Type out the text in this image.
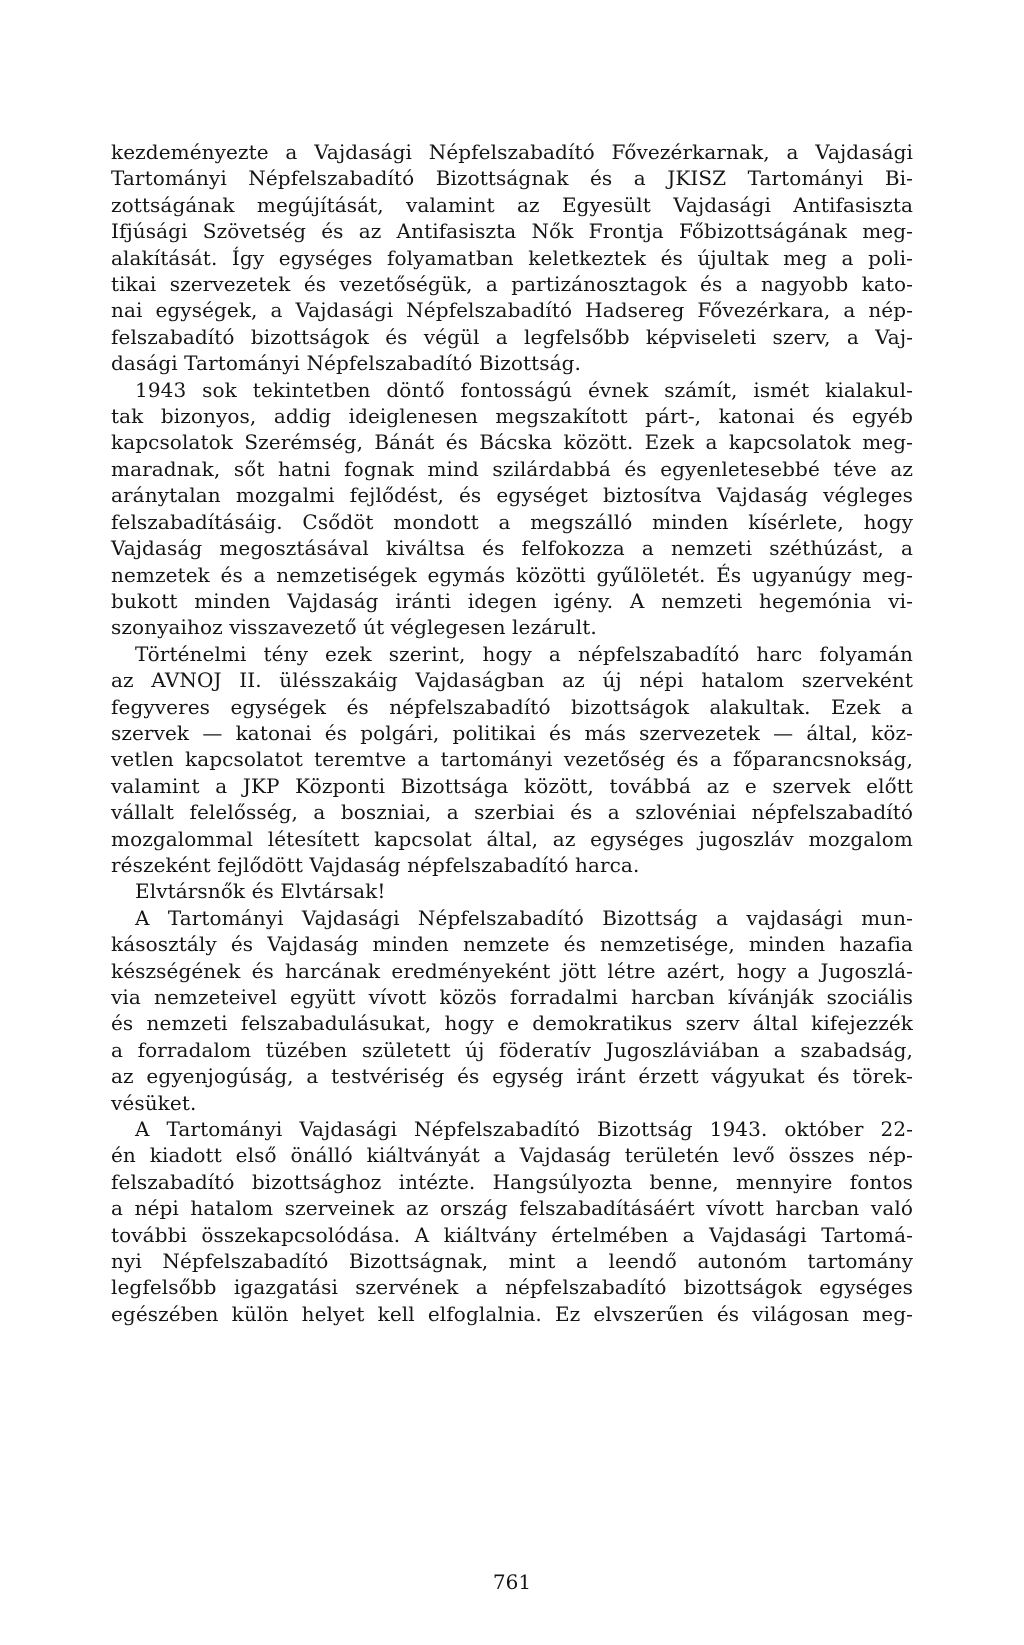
kezdeményezte a Vajdasági Népfelszabadító Fővezérkarnak, a Vajdasági
Tartományi Népfelszabadító Bizottságnak és a JKISZ Tartományi Bi-
zottságának megújítását, valamint az Egyesült Vajdasági Antifasiszta
Ifjúsági Szövetség és az Antifasiszta Nők Frontja Főbizottságának meg-
alakítását. Így egységes folyamatban keletkeztek és újultak meg a poli-
tikai szervezetek és vezetőségük, a partizánosztagok és a nagyobb kato-
nai egységek, a Vajdasági Népfelszabadító Hadsereg Fővezérkara, a nép-
felszabadító bizottságok és végül a legfelsőbb képviseleti szerv, a Vaj-
dasági Tartományi Népfelszabadító Bizottság.
1943 sok tekintetben döntő fontosságú évnek számít, ismét kialakul-
tak bizonyos, addig ideiglenesen megszakított párt-, katonai és egyéb
kapcsolatok Szerémség, Bánát és Bácska között. Ezek a kapcsolatok meg-
maradnak, sőt hatni fognak mind szilárdabbá és egyenletesebbé téve az
aránytalan mozgalmi fejlődést, és egységet biztosítva Vajdaság végleges
felszabadításáig. Csődöt mondott a megszálló minden kísérlete, hogy
Vajdaság megosztásával kiváltsa és felfokozza a nemzeti széthúzást, a
nemzetek és a nemzetiségek egymás közötti gyűlöletét. És ugyanúgy meg-
bukott minden Vajdaság iránti idegen igény. A nemzeti hegemónia vi-
szonyaihoz visszavezető út véglegesen lezárult.
Történelmi tény ezek szerint, hogy a népfelszabadító harc folyamán
az AVNOJ II. ülésszakáig Vajdaságban az új népi hatalom szerveként
fegyveres egységek és népfelszabadító bizottságok alakultak. Ezek a
szervek — katonai és polgári, politikai és más szervezetek — által, köz-
vetlen kapcsolatot teremtve a tartományi vezetőség és a főparancsnokság,
valamint a JKP Központi Bizottsága között, továbbá az e szervek előtt
vállalt felelősség, a boszniai, a szerbiai és a szlovéniai népfelszabadító
mozgalommal létesített kapcsolat által, az egységes jugoszláv mozgalom
részeként fejlődött Vajdaság népfelszabadító harca.
Elvtársnők és Elvtársak!
A Tartományi Vajdasági Népfelszabadító Bizottság a vajdasági mun-
kásosztály és Vajdaság minden nemzete és nemzetisége, minden hazafia
készségének és harcának eredményeként jött létre azért, hogy a Jugoszlá-
via nemzeteivel együtt vívott közös forradalmi harcban kívánják szociális
és nemzeti felszabadulásukat, hogy e demokratikus szerv által kifejezzék
a forradalom tüzében született új föderatív Jugoszláviában a szabadság,
az egyenjogúság, a testvériség és egység iránt érzett vágyukat és törek-
vésüket.
A Tartományi Vajdasági Népfelszabadító Bizottság 1943. október 22-
én kiadott első önálló kiáltványát a Vajdaság területén levő összes nép-
felszabadító bizottsághoz intézte. Hangsúlyozta benne, mennyire fontos
a népi hatalom szerveinek az ország felszabadításáért vívott harcban való
további összekapcsolódása. A kiáltvány értelmében a Vajdasági Tartomá-
nyi Népfelszabadító Bizottságnak, mint a leendő autonóm tartomány
legfelsőbb igazgatási szervének a népfelszabadító bizottságok egységes
egészében külön helyet kell elfoglalnia. Ez elvszerűen és világosan meg-
761
